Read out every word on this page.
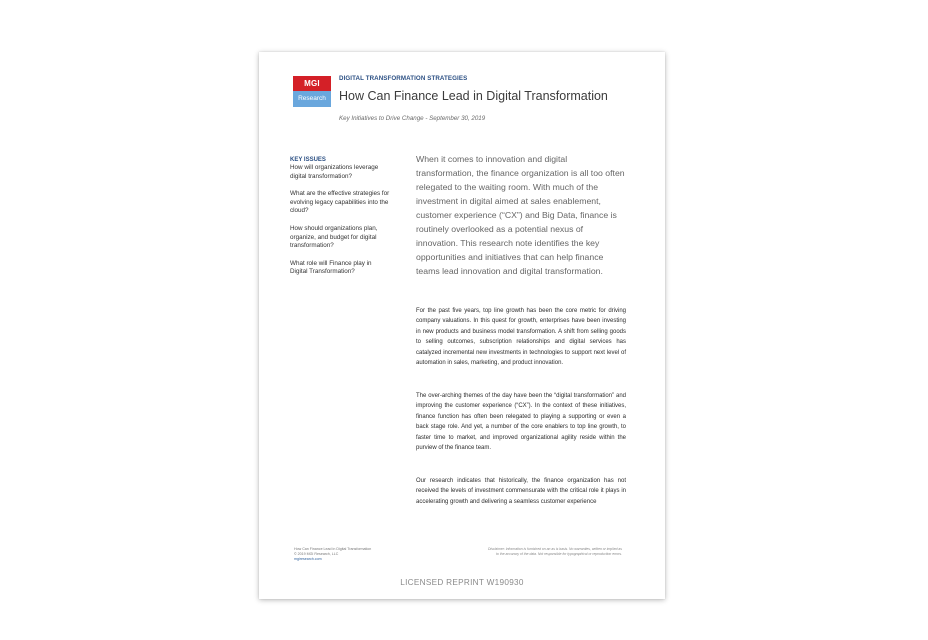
MGI
Research
DIGITAL TRANSFORMATION STRATEGIES
How Can Finance Lead in Digital Transformation
Key Initiatives to Drive Change - September 30, 2019
KEY ISSUES
How will organizations leverage digital transformation?
What are the effective strategies for evolving legacy capabilities into the cloud?
How should organizations plan, organize, and budget for digital transformation?
What role will Finance play in Digital Transformation?

When it comes to innovation and digital transformation, the finance organization is all too often relegated to the waiting room. With much of the investment in digital aimed at sales enablement, customer experience (“CX”) and Big Data, finance is routinely overlooked as a potential nexus of innovation. This research note identifies the key opportunities and initiatives that can help finance teams lead innovation and digital transformation.

For the past five years, top line growth has been the core metric for driving company valuations. In this quest for growth, enterprises have been investing in new products and business model transformation. A shift from selling goods to selling outcomes, subscription relationships and digital services has catalyzed incremental new investments in technologies to support next level of automation in sales, marketing, and product innovation.

The over-arching themes of the day have been the “digital transformation” and improving the customer experience (“CX”). In the context of these initiatives, finance function has often been relegated to playing a supporting or even a back stage role. And yet, a number of the core enablers to top line growth, to faster time to market, and improved organizational agility reside within the purview of the finance team.

Our research indicates that historically, the finance organization has not received the levels of investment commensurate with the critical role it plays in accelerating growth and delivering a seamless customer experience

How Can Finance Lead in Digital Transformation
© 2019 MGI Research, LLC
mgiresearch.com
Disclaimer: Information is furnished on an as is basis. No warranties, written or implied as to the accuracy of the data. Not responsible for typographical or reproduction errors.
LICENSED REPRINT W190930
